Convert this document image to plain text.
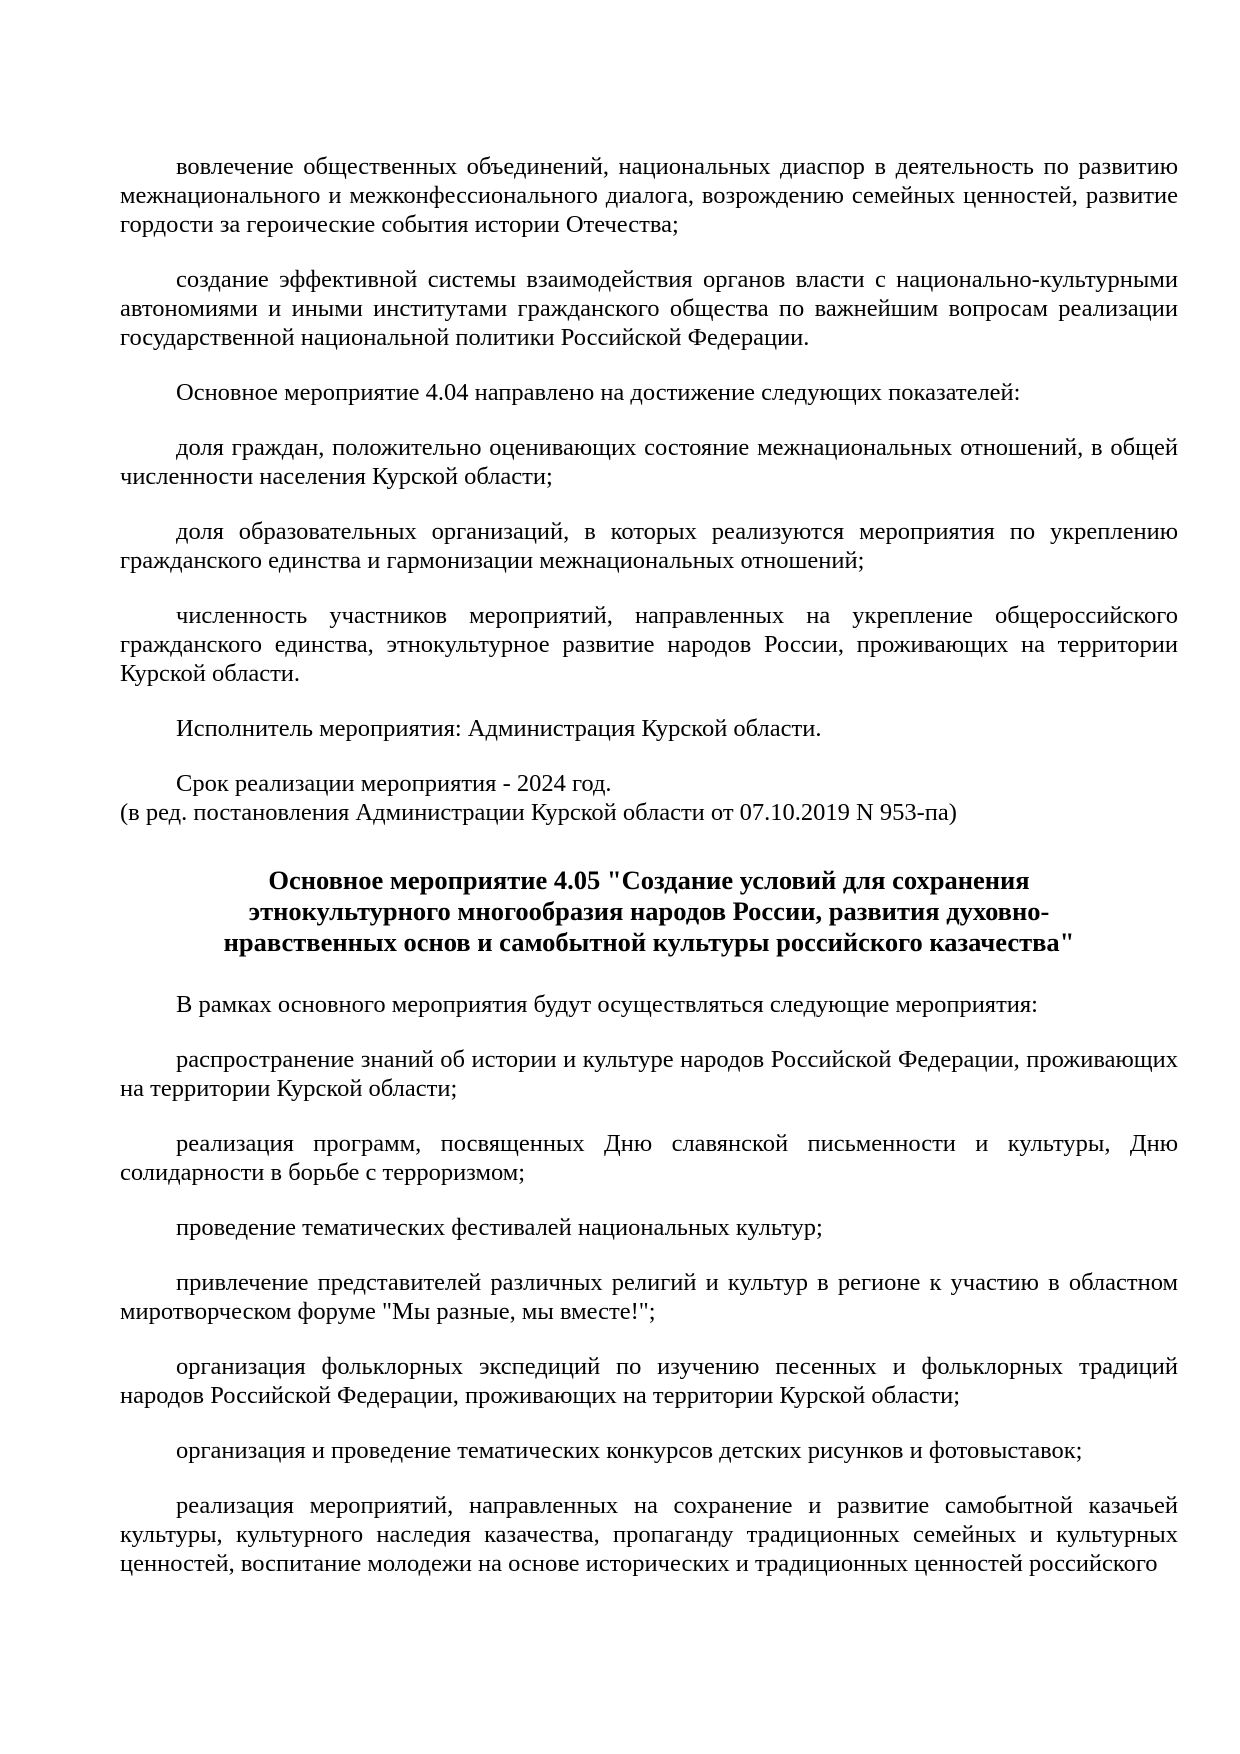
вовлечение общественных объединений, национальных диаспор в деятельность по развитию межнационального и межконфессионального диалога, возрождению семейных ценностей, развитие гордости за героические события истории Отечества;

создание эффективной системы взаимодействия органов власти с национально-культурными автономиями и иными институтами гражданского общества по важнейшим вопросам реализации государственной национальной политики Российской Федерации.

Основное мероприятие 4.04 направлено на достижение следующих показателей:

доля граждан, положительно оценивающих состояние межнациональных отношений, в общей численности населения Курской области;

доля образовательных организаций, в которых реализуются мероприятия по укреплению гражданского единства и гармонизации межнациональных отношений;

численность участников мероприятий, направленных на укрепление общероссийского гражданского единства, этнокультурное развитие народов России, проживающих на территории Курской области.

Исполнитель мероприятия: Администрация Курской области.

Срок реализации мероприятия - 2024 год.

(в ред. постановления Администрации Курской области от 07.10.2019 N 953-па)

Основное мероприятие 4.05 "Создание условий для сохранения этнокультурного многообразия народов России, развития духовно-нравственных основ и самобытной культуры российского казачества"

В рамках основного мероприятия будут осуществляться следующие мероприятия:

распространение знаний об истории и культуре народов Российской Федерации, проживающих на территории Курской области;

реализация программ, посвященных Дню славянской письменности и культуры, Дню солидарности в борьбе с терроризмом;

проведение тематических фестивалей национальных культур;

привлечение представителей различных религий и культур в регионе к участию в областном миротворческом форуме "Мы разные, мы вместе!";

организация фольклорных экспедиций по изучению песенных и фольклорных традиций народов Российской Федерации, проживающих на территории Курской области;

организация и проведение тематических конкурсов детских рисунков и фотовыставок;

реализация мероприятий, направленных на сохранение и развитие самобытной казачьей культуры, культурного наследия казачества, пропаганду традиционных семейных и культурных ценностей, воспитание молодежи на основе исторических и традиционных ценностей российского
